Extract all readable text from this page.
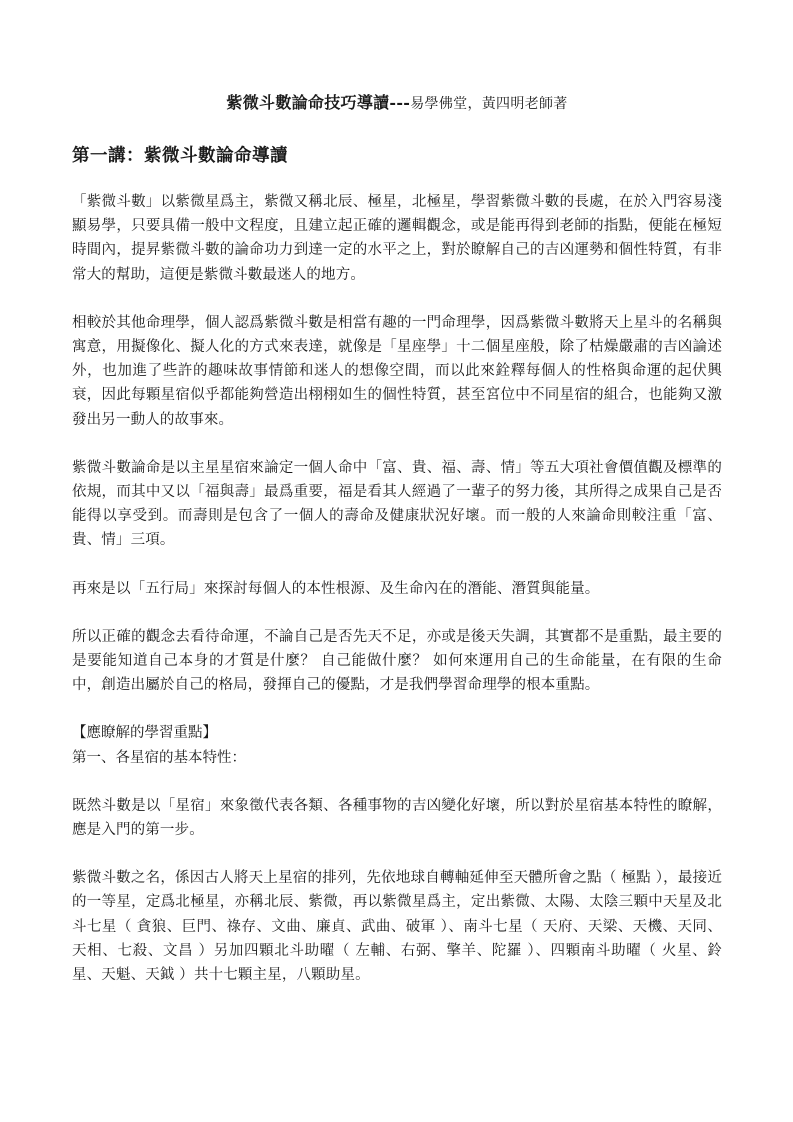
紫微斗數論命技巧導讀---易學佛堂，黃四明老師著
第一講：紫微斗數論命導讀

「紫微斗數」以紫微星爲主，紫微又稱北辰、極星，北極星，學習紫微斗數的長處，在於入門容易淺顯易學，只要具備一般中文程度，且建立起正確的邏輯觀念，或是能再得到老師的指點，便能在極短時間內，提昇紫微斗數的論命功力到達一定的水平之上，對於瞭解自己的吉凶運勢和個性特質，有非常大的幫助，這便是紫微斗數最迷人的地方。

相較於其他命理學，個人認爲紫微斗數是相當有趣的一門命理學，因爲紫微斗數將天上星斗的名稱與寓意，用擬像化、擬人化的方式來表達，就像是「星座學」十二個星座般，除了枯燥嚴肅的吉凶論述外，也加進了些許的趣味故事情節和迷人的想像空間，而以此來銓釋每個人的性格與命運的起伏興衰，因此每顆星宿似乎都能夠營造出栩栩如生的個性特質，甚至宮位中不同星宿的組合，也能夠又激發出另一動人的故事來。

紫微斗數論命是以主星星宿來論定一個人命中「富、貴、福、壽、情」等五大項社會價值觀及標準的依規，而其中又以「福與壽」最爲重要，福是看其人經過了一輩子的努力後，其所得之成果自己是否能得以享受到。而壽則是包含了一個人的壽命及健康狀況好壞。而一般的人來論命則較注重「富、貴、情」三項。

再來是以「五行局」來探討每個人的本性根源、及生命內在的潛能、潛質與能量。

所以正確的觀念去看待命運，不論自己是否先天不足，亦或是後天失調，其實都不是重點，最主要的是要能知道自己本身的才質是什麼？ 自己能做什麼？ 如何來運用自己的生命能量，在有限的生命中，創造出屬於自己的格局，發揮自己的優點，才是我們學習命理學的根本重點。

【應瞭解的學習重點】

第一、各星宿的基本特性：

既然斗數是以「星宿」來象徵代表各類、各種事物的吉凶變化好壞，所以對於星宿基本特性的瞭解，應是入門的第一步。

紫微斗數之名，係因古人將天上星宿的排列，先依地球自轉軸延伸至天體所會之點（ 極點 ），最接近的一等星，定爲北極星，亦稱北辰、紫微，再以紫微星爲主，定出紫微、太陽、太陰三顆中天星及北斗七星（ 貪狼、巨門、祿存、文曲、廉貞、武曲、破軍 ）、南斗七星（ 天府、天梁、天機、天同、天相、七殺、文昌 ）另加四顆北斗助曜（ 左輔、右弼、擎羊、陀羅 ）、四顆南斗助曜（ 火星、鈴星、天魁、天鉞 ）共十七顆主星，八顆助星。
